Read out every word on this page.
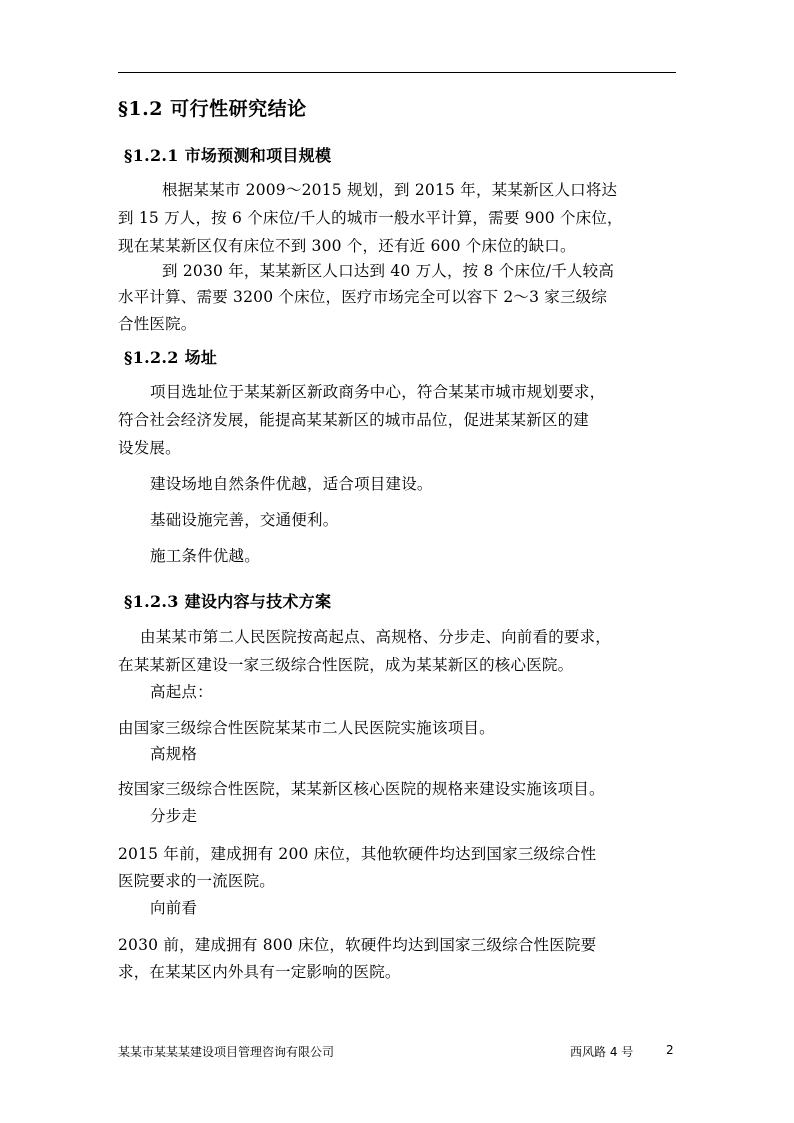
§1.2 可行性研究结论
§1.2.1 市场预测和项目规模
根据某某市 2009～2015 规划，到 2015 年，某某新区人口将达
到 15 万人，按 6 个床位/千人的城市一般水平计算，需要 900 个床位，
现在某某新区仅有床位不到 300 个，还有近 600 个床位的缺口。
到 2030 年，某某新区人口达到 40 万人，按 8 个床位/千人较高
水平计算、需要 3200 个床位，医疗市场完全可以容下 2～3 家三级综
合性医院。
§1.2.2 场址
项目选址位于某某新区新政商务中心，符合某某市城市规划要求，
符合社会经济发展，能提高某某新区的城市品位，促进某某新区的建
设发展。
建设场地自然条件优越，适合项目建设。
基础设施完善，交通便利。
施工条件优越。
§1.2.3 建设内容与技术方案
由某某市第二人民医院按高起点、高规格、分步走、向前看的要求，
在某某新区建设一家三级综合性医院，成为某某新区的核心医院。
高起点：
由国家三级综合性医院某某市二人民医院实施该项目。
高规格
按国家三级综合性医院，某某新区核心医院的规格来建设实施该项目。
分步走
2015 年前，建成拥有 200 床位，其他软硬件均达到国家三级综合性
医院要求的一流医院。
向前看
2030 前，建成拥有 800 床位，软硬件均达到国家三级综合性医院要
求，在某某区内外具有一定影响的医院。
某某市某某某建设项目管理咨询有限公司	西风路 4 号	2
